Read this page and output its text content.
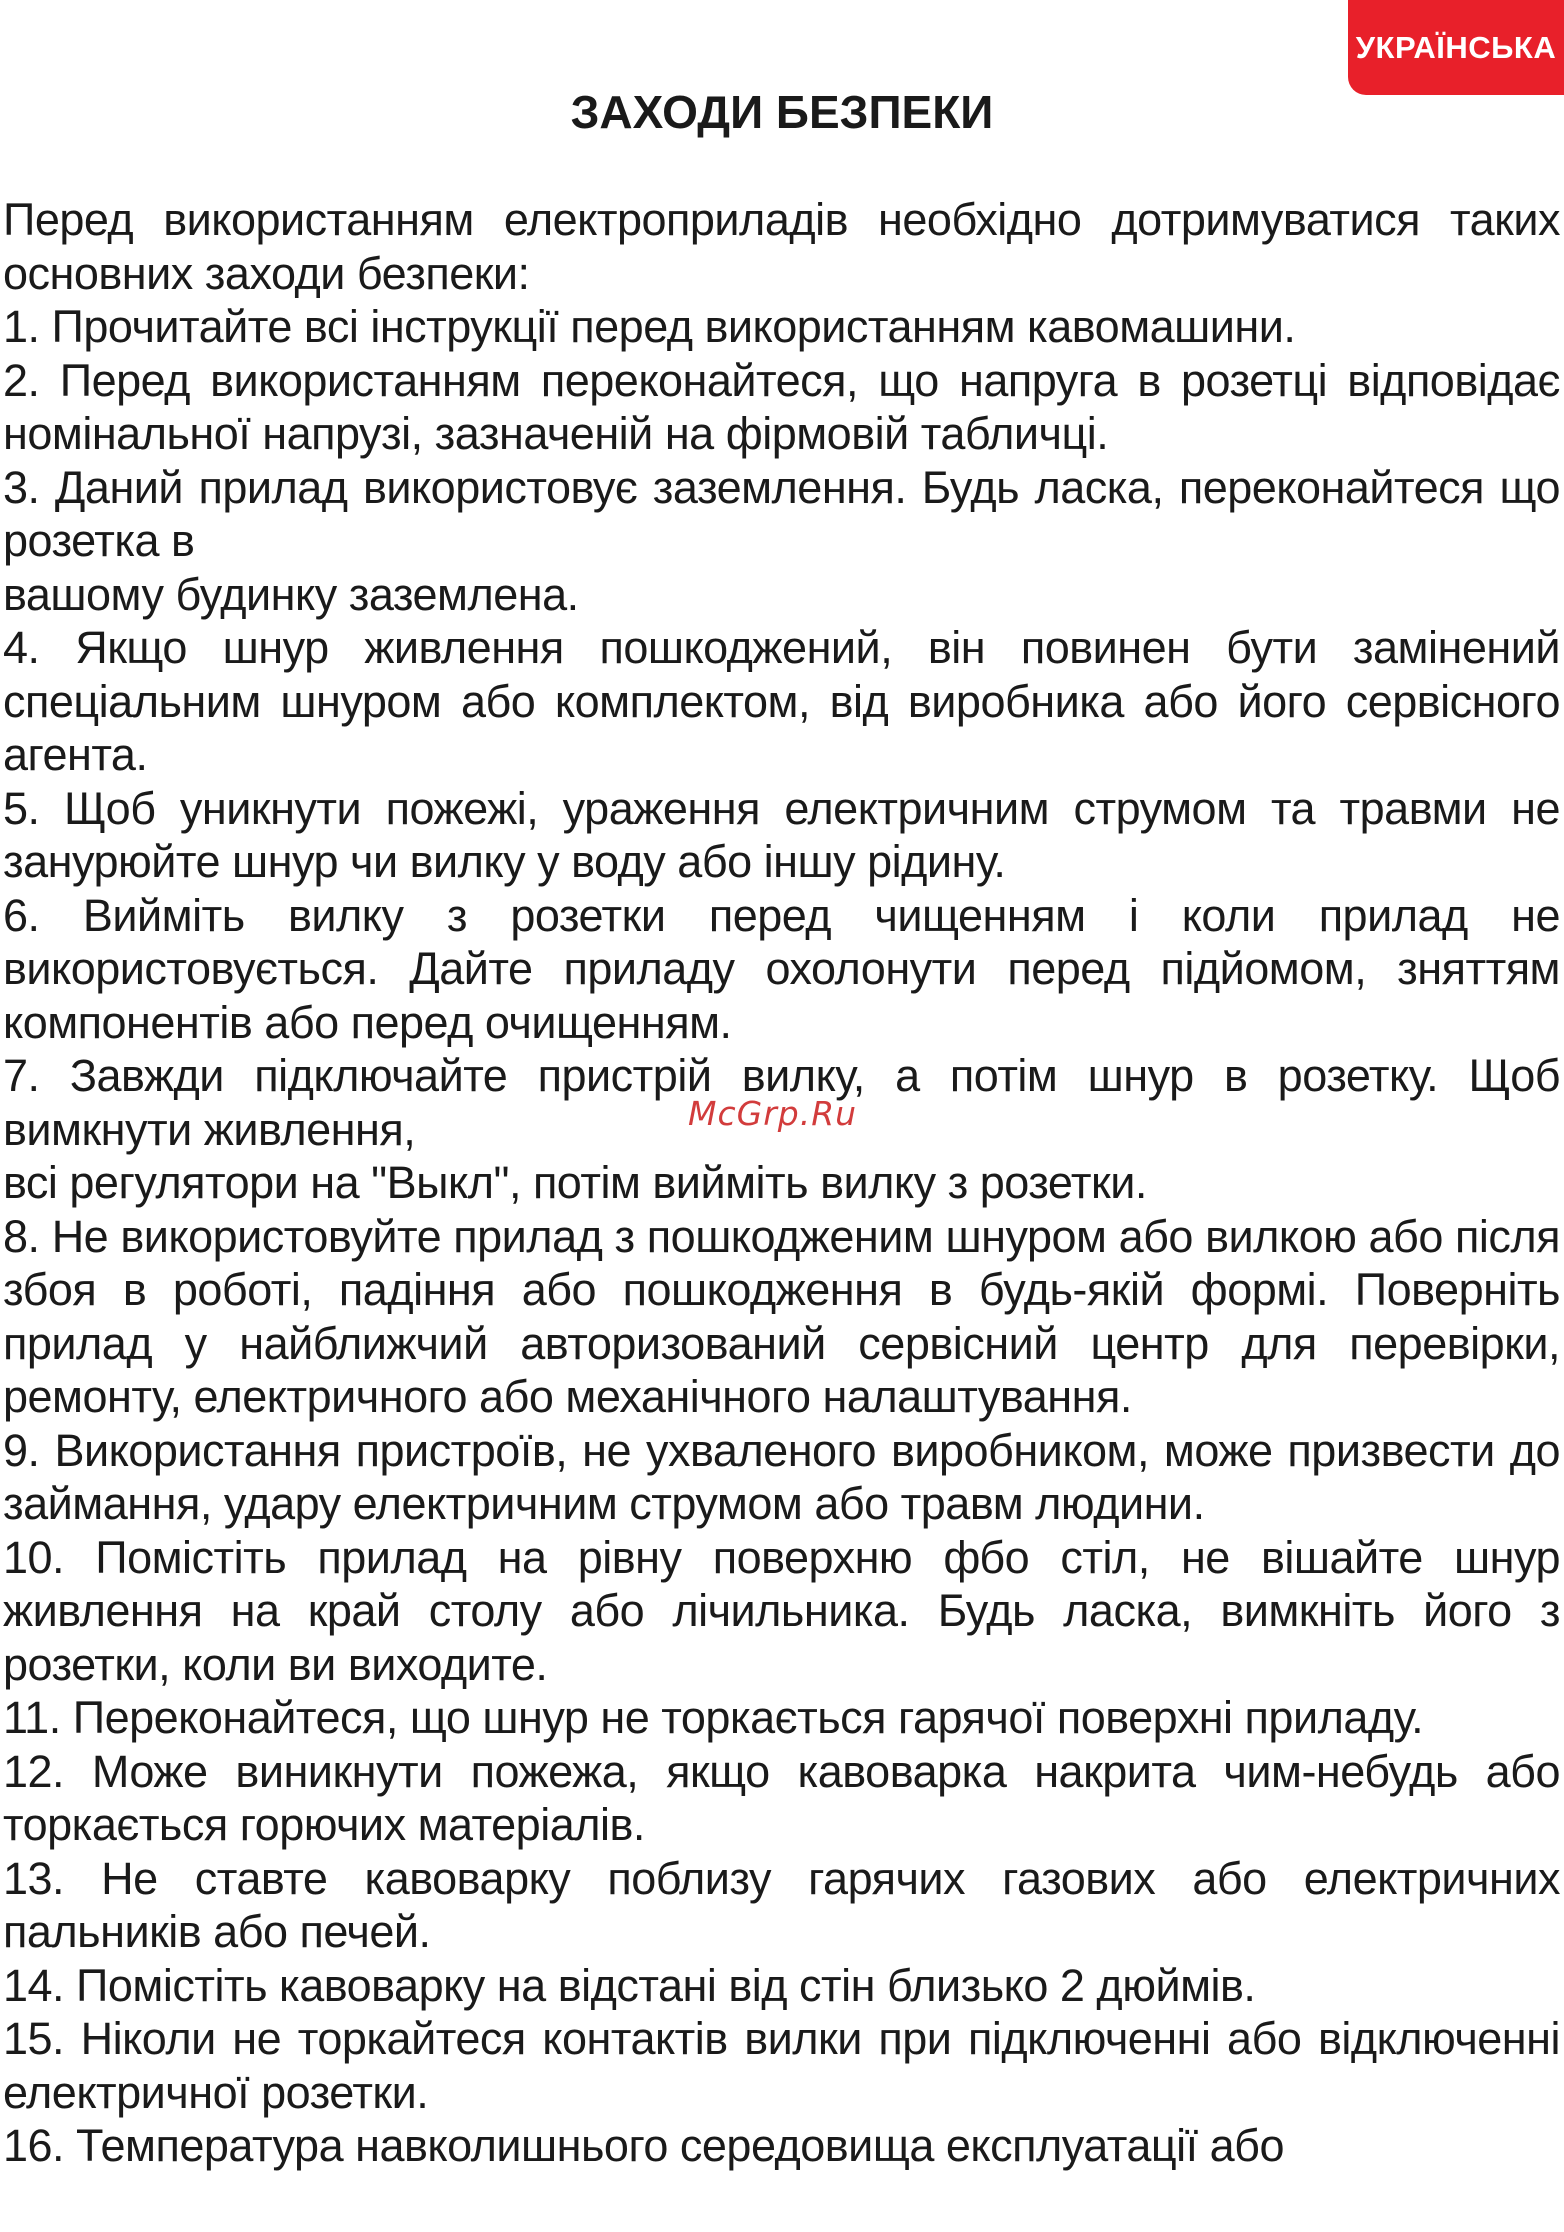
УКРАЇНСЬКА
ЗАХОДИ БЕЗПЕКИ

Перед використанням електроприладів необхідно дотримуватися таких основних заходи безпеки:

1. Прочитайте всі інструкції перед використанням кавомашини.

2. Перед використанням переконайтеся, що напруга в розетці відповідає номінальної напрузі, зазначеній на фірмовій табличці.

3. Даний прилад використовує заземлення. Будь ласка, переконайтеся що розетка в

вашому будинку заземлена.

4. Якщо шнур живлення пошкоджений, він повинен бути замінений спеціальним шнуром або комплектом, від виробника або його сервісного агента.

5. Щоб уникнути пожежі, ураження електричним струмом та травми не занурюйте шнур чи вилку у воду або іншу рідину.

6. Вийміть вилку з розетки перед чищенням і коли прилад не використовується. Дайте приладу охолонути перед підйомом, зняттям компонентів або перед очищенням.

7. Завжди підключайте пристрій вилку, а потім шнур в розетку. Щоб вимкнути живлення,

всі регулятори на "Выкл", потім вийміть вилку з розетки.

8. Не використовуйте прилад з пошкодженим шнуром або вилкою або після збоя в роботі, падіння або пошкодження в будь-якій формі. Поверніть прилад у найближчий авторизований сервісний центр для перевірки, ремонту, електричного або механічного налаштування.

9. Використання пристроїв, не ухваленого виробником, може призвести до займання, удару електричним струмом або травм людини.

10. Помістіть прилад на рівну поверхню фбо стіл, не вішайте шнур живлення на край столу або лічильника. Будь ласка, вимкніть його з розетки, коли ви виходите.

11. Переконайтеся, що шнур не торкається гарячої поверхні приладу.

12. Може виникнути пожежа, якщо кавоварка накрита чим-небудь або торкається горючих матеріалів.

13. Не ставте кавоварку поблизу гарячих газових або електричних пальників або печей.

14. Помістіть кавоварку на відстані від стін близько 2 дюймів.

15. Ніколи не торкайтеся контактів вилки при підключенні або відключенні електричної розетки.

16. Температура навколишнього середовища експлуатації або

McGrp.Ru
